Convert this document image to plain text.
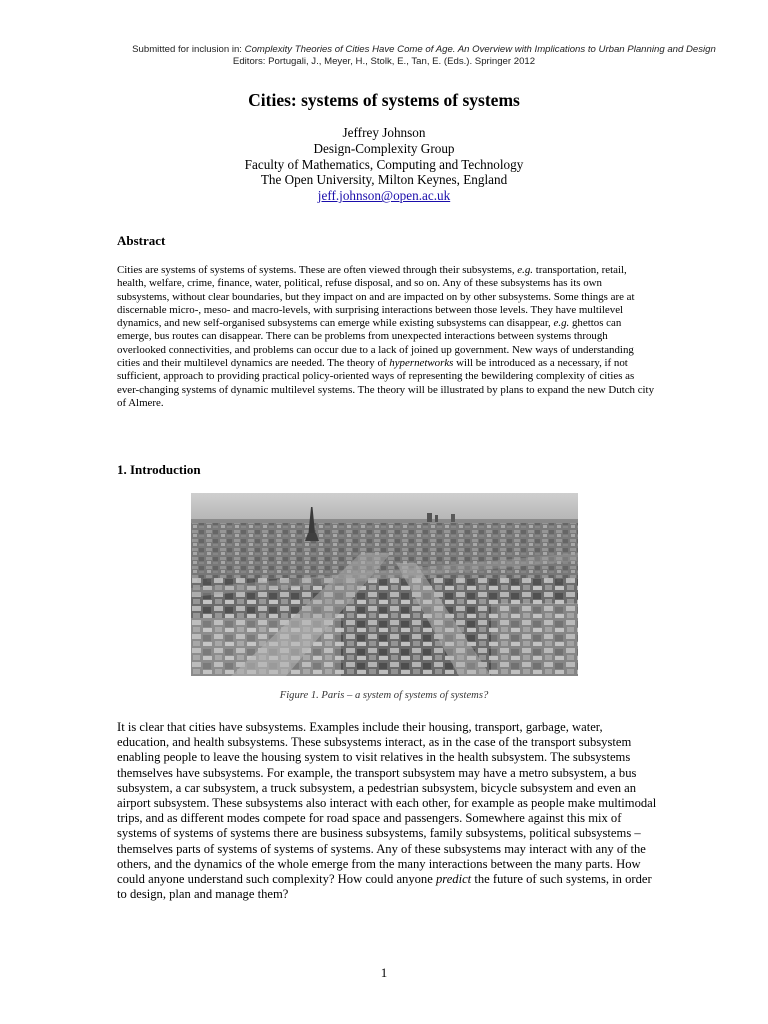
Submitted for inclusion in: Complexity Theories of Cities Have Come of Age. An Overview with Implications to Urban Planning and Design
Editors: Portugali, J., Meyer, H., Stolk, E., Tan, E. (Eds.). Springer 2012
Cities: systems of systems of systems
Jeffrey Johnson
Design-Complexity Group
Faculty of Mathematics, Computing and Technology
The Open University, Milton Keynes, England
jeff.johnson@open.ac.uk
Abstract

Cities are systems of systems of systems. These are often viewed through their subsystems, e.g. transportation, retail, health, welfare, crime, finance, water, political, refuse disposal, and so on. Any of these subsystems has its own subsystems, without clear boundaries, but they impact on and are impacted on by other subsystems. Some things are at discernable micro-, meso- and macro-levels, with surprising interactions between those levels. They have multilevel dynamics, and new self-organised subsystems can emerge while existing subsystems can disappear, e.g. ghettos can emerge, bus routes can disappear. There can be problems from unexpected interactions between systems through overlooked connectivities, and problems can occur due to a lack of joined up government. New ways of understanding cities and their multilevel dynamics are needed. The theory of hypernetworks will be introduced as a necessary, if not sufficient, approach to providing practical policy-oriented ways of representing the bewildering complexity of cities as ever-changing systems of dynamic multilevel systems. The theory will be illustrated by plans to expand the new Dutch city of Almere.

1. Introduction
Figure 1. Paris – a system of systems of systems?

It is clear that cities have subsystems. Examples include their housing, transport, garbage, water, education, and health subsystems. These subsystems interact, as in the case of the transport subsystem enabling people to leave the housing system to visit relatives in the health subsystem. The subsystems themselves have subsystems. For example, the transport subsystem may have a metro subsystem, a bus subsystem, a car subsystem, a truck subsystem, a pedestrian subsystem, bicycle subsystem and even an airport subsystem. These subsystems also interact with each other, for example as people make multimodal trips, and as different modes compete for road space and passengers. Somewhere against this mix of systems of systems of systems there are business subsystems, family subsystems, political subsystems – themselves parts of systems of systems of systems. Any of these subsystems may interact with any of the others, and the dynamics of the whole emerge from the many interactions between the many parts. How could anyone understand such complexity? How could anyone predict the future of such systems, in order to design, plan and manage them?

1
